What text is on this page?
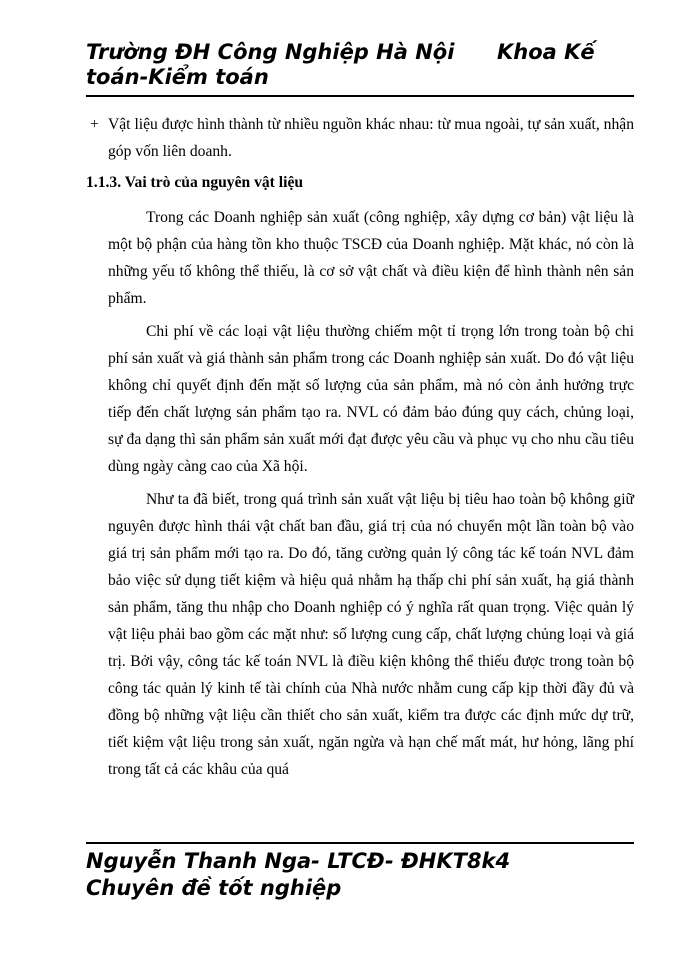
Trường ĐH Công Nghiệp Hà Nội Khoa Kế
toán-Kiểm toán
+ Vật liệu được hình thành từ nhiều nguồn khác nhau: từ mua ngoài, tự sản xuất, nhận góp vốn liên doanh.
1.1.3. Vai trò của nguyên vật liệu

Trong các Doanh nghiệp sản xuất (công nghiệp, xây dựng cơ bản) vật liệu là một bộ phận của hàng tồn kho thuộc TSCĐ của Doanh nghiệp. Mặt khác, nó còn là những yếu tố không thể thiếu, là cơ sở vật chất và điều kiện để hình thành nên sản phẩm.

Chi phí về các loại vật liệu thường chiếm một tỉ trọng lớn trong toàn bộ chi phí sản xuất và giá thành sản phẩm trong các Doanh nghiệp sản xuất. Do đó vật liệu không chỉ quyết định đến mặt số lượng của sản phẩm, mà nó còn ảnh hưởng trực tiếp đến chất lượng sản phẩm tạo ra. NVL có đảm bảo đúng quy cách, chủng loại, sự đa dạng thì sản phẩm sản xuất mới đạt được yêu cầu và phục vụ cho nhu cầu tiêu dùng ngày càng cao của Xã hội.

Như ta đã biết, trong quá trình sản xuất vật liệu bị tiêu hao toàn bộ không giữ nguyên được hình thái vật chất ban đầu, giá trị của nó chuyển một lần toàn bộ vào giá trị sản phẩm mới tạo ra. Do đó, tăng cường quản lý công tác kế toán NVL đảm bảo việc sử dụng tiết kiệm và hiệu quả nhằm hạ thấp chi phí sản xuất, hạ giá thành sản phẩm, tăng thu nhập cho Doanh nghiệp có ý nghĩa rất quan trọng. Việc quản lý vật liệu phải bao gồm các mặt như: số lượng cung cấp, chất lượng chủng loại và giá trị. Bởi vậy, công tác kế toán NVL là điều kiện không thể thiếu được trong toàn bộ công tác quản lý kinh tế tài chính của Nhà nước nhằm cung cấp kịp thời đầy đủ và đồng bộ những vật liệu cần thiết cho sản xuất, kiểm tra được các định mức dự trữ, tiết kiệm vật liệu trong sản xuất, ngăn ngừa và hạn chế mất mát, hư hỏng, lãng phí trong tất cả các khâu của quá

Nguyễn Thanh Nga- LTCĐ- ĐHKT8k4
Chuyên đề tốt nghiệp
